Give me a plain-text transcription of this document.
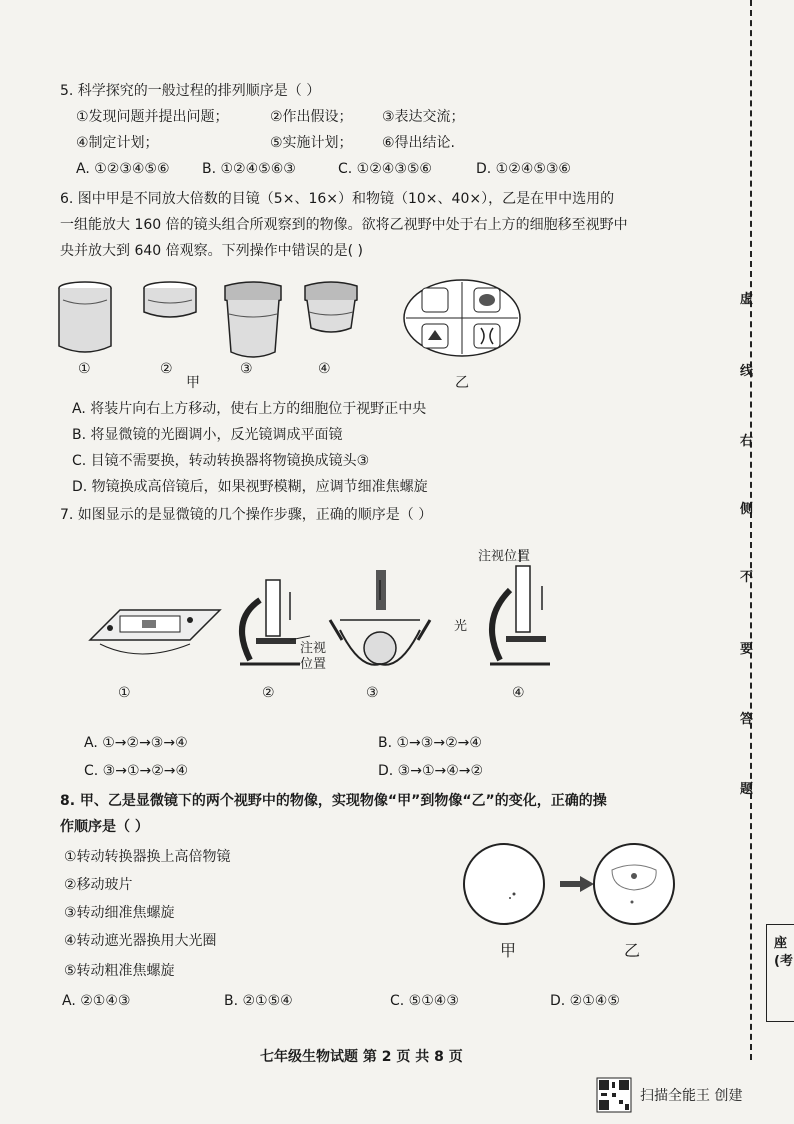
虚
线
右
侧
不
要
答
题
座
(考
5. 科学探究的一般过程的排列顺序是（ ）
①发现问题并提出问题；	②作出假设； ③表达交流；
④制定计划；	⑤实施计划； ⑥得出结论.
A. ①②③④⑤⑥ B. ①②④⑤⑥③	C. ①②④③⑤⑥	D. ①②④⑤③⑥
6. 图中甲是不同放大倍数的目镜（5×、16×）和物镜（10×、40×），乙是在甲中选用的
一组能放大 160 倍的镜头组合所观察到的物像。欲将乙视野中处于右上方的细胞移至视野中
央并放大到 640 倍观察。下列操作中错误的是( )
①	②	③	④
甲	乙
A. 将装片向右上方移动，使右上方的细胞位于视野正中央
B. 将显微镜的光圈调小，反光镜调成平面镜
C. 目镜不需要换，转动转换器将物镜换成镜头③
D. 物镜换成高倍镜后，如果视野模糊，应调节细准焦螺旋
7. 如图显示的是显微镜的几个操作步骤，正确的顺序是（ ）
注视
位置
注视位置
光
①	②	③	④
A. ①→②→③→④	B. ①→③→②→④
C. ③→①→②→④	D. ③→①→④→②
8. 甲、乙是显微镜下的两个视野中的物像，实现物像“甲”到物像“乙”的变化，正确的操
作顺序是（ ）
①转动转换器换上高倍物镜
②移动玻片
③转动细准焦螺旋
④转动遮光器换用大光圈
⑤转动粗准焦螺旋
甲	乙
A. ②①④③	B. ②①⑤④	C. ⑤①④③	D. ②①④⑤
七年级生物试题 第 2 页 共 8 页
扫描全能王 创建
